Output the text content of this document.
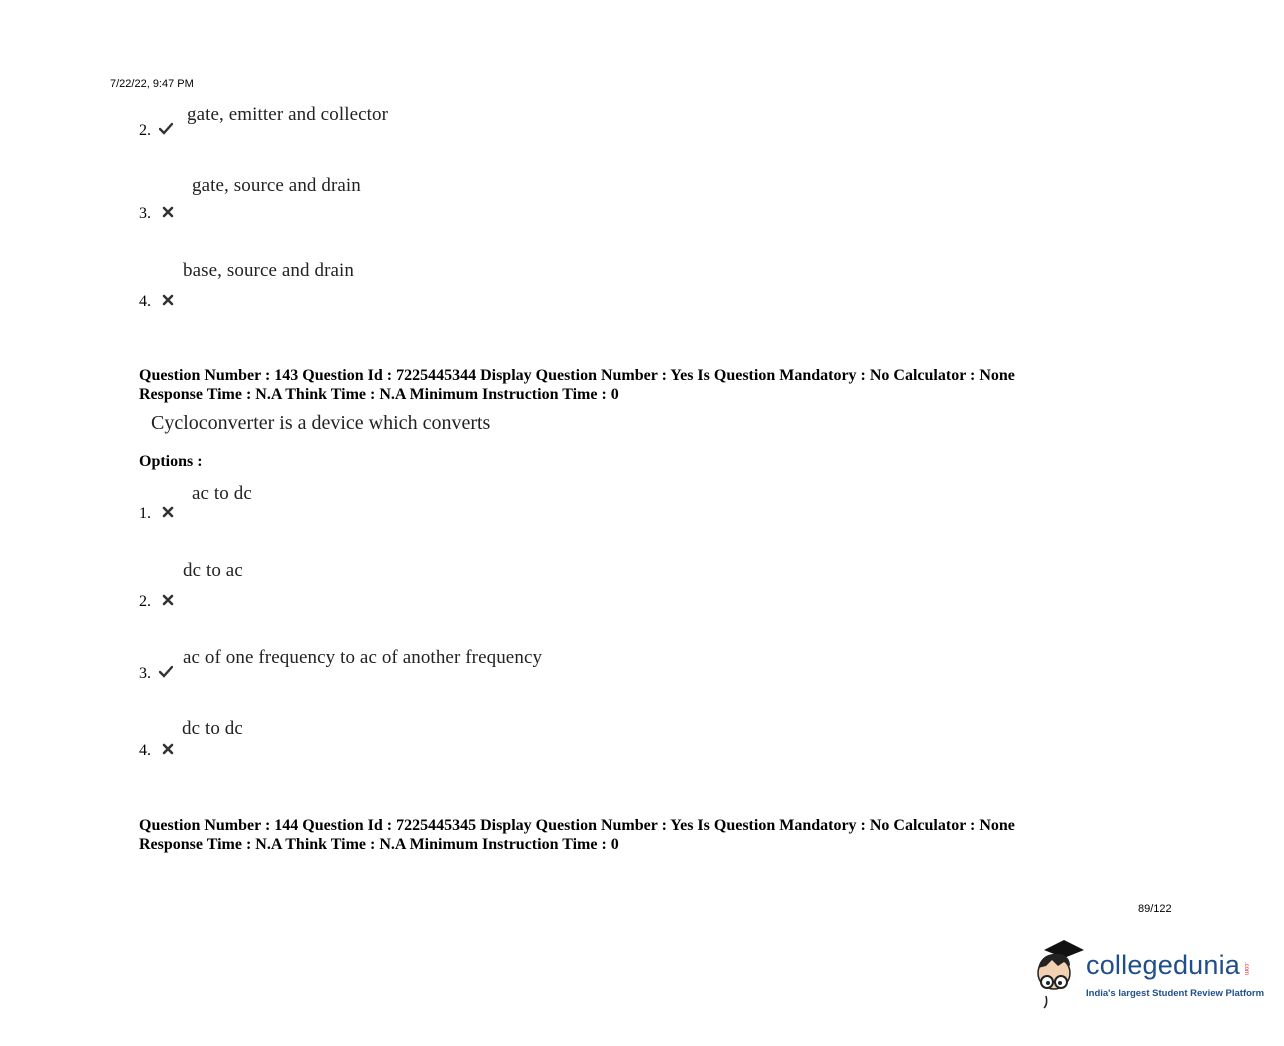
7/22/22, 9:47 PM
2.
gate, emitter and collector
3.
gate, source and drain
4.
base, source and drain
Question Number : 143 Question Id : 7225445344 Display Question Number : Yes Is Question Mandatory : No Calculator : None
Response Time : N.A Think Time : N.A Minimum Instruction Time : 0
Cycloconverter is a device which converts
Options :
1.
ac to dc
2.
dc to ac
3.
ac of one frequency to ac of another frequency
4.
dc to dc
Question Number : 144 Question Id : 7225445345 Display Question Number : Yes Is Question Mandatory : No Calculator : None
Response Time : N.A Think Time : N.A Minimum Instruction Time : 0
89/122
collegedunia .com
India's largest Student Review Platform
